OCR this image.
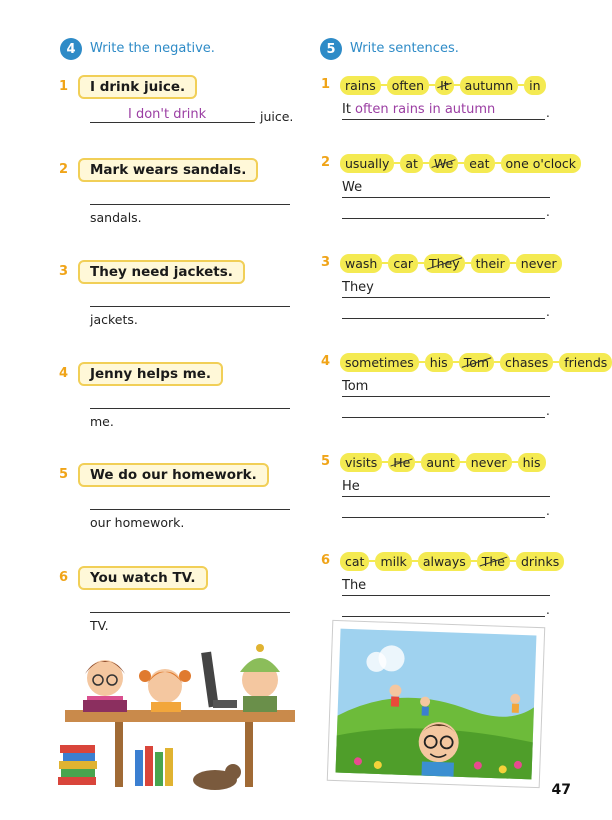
4	Write the negative.	5	Write sentences.
1	I drink juice.
I don't drink	juice.
2	Mark wears sandals.
sandals.
3	They need jackets.
jackets.
4	Jenny helps me.
me.
5	We do our homework.
our homework.
6	You watch TV.
TV.
1	rains	often	It	autumn	in
It often rains in autumn	.
2	usually	at	We	eat	one o'clock
We
.
3	wash	car	They	their	never
They
.
4	sometimes	his	Tom	chases	friends
Tom
.
5	visits	He	aunt	never	his
He
.
6	cat	milk	always	The	drinks
The
.
47
